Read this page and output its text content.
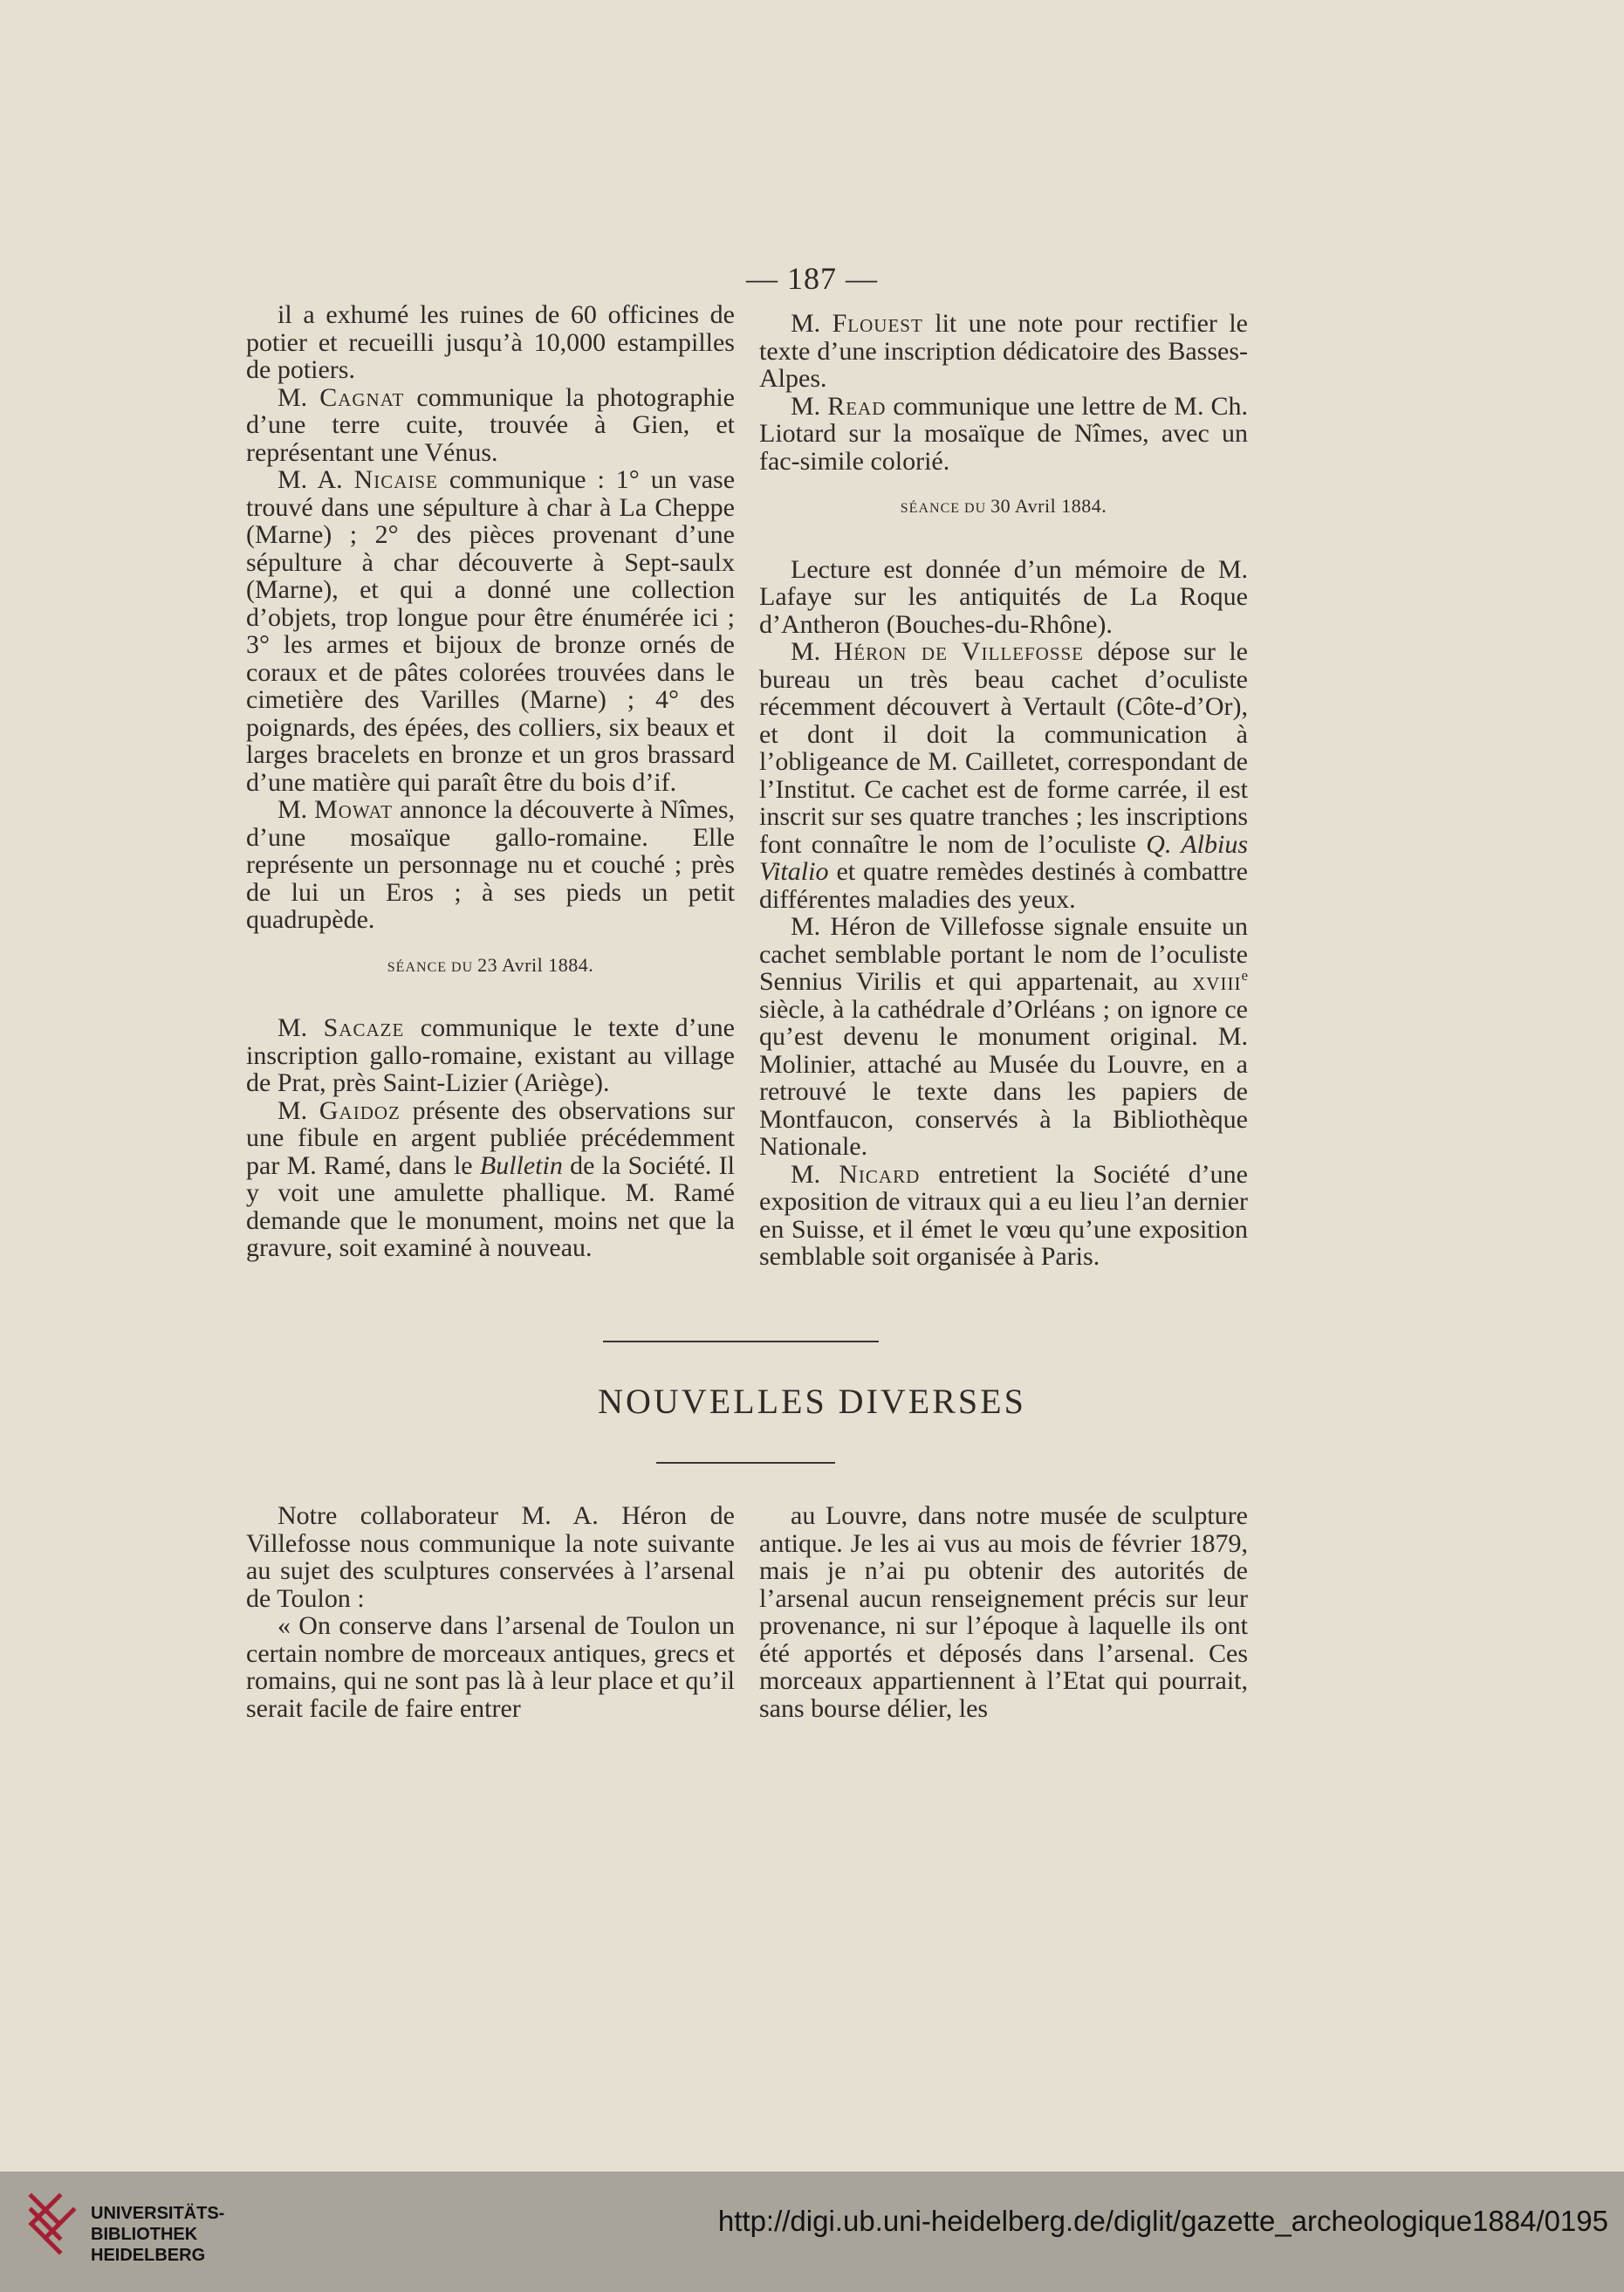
— 187 —

il a exhumé les ruines de 60 officines de potier et recueilli jusqu’à 10,000 estampilles de potiers.

M. Cagnat communique la photographie d’une terre cuite, trouvée à Gien, et représentant une Vénus.

M. A. Nicaise communique : 1° un vase trouvé dans une sépulture à char à La Cheppe (Marne) ; 2° des pièces provenant d’une sépulture à char découverte à Sept-saulx (Marne), et qui a donné une collection d’objets, trop longue pour être énumérée ici ; 3° les armes et bijoux de bronze ornés de coraux et de pâtes colorées trouvées dans le cimetière des Varilles (Marne) ; 4° des poignards, des épées, des colliers, six beaux et larges bracelets en bronze et un gros brassard d’une matière qui paraît être du bois d’if.

M. Mowat annonce la découverte à Nîmes, d’une mosaïque gallo-romaine. Elle représente un personnage nu et couché ; près de lui un Eros ; à ses pieds un petit quadrupède.

SÉANCE DU 23 Avril 1884.

M. Sacaze communique le texte d’une inscription gallo-romaine, existant au village de Prat, près Saint-Lizier (Ariège).

M. Gaidoz présente des observations sur une fibule en argent publiée précédemment par M. Ramé, dans le Bulletin de la Société. Il y voit une amulette phallique. M. Ramé demande que le monument, moins net que la gravure, soit examiné à nouveau.

M. Flouest lit une note pour rectifier le texte d’une inscription dédicatoire des Basses-Alpes.

M. Read communique une lettre de M. Ch. Liotard sur la mosaïque de Nîmes, avec un fac-simile colorié.

SÉANCE DU 30 Avril 1884.

Lecture est donnée d’un mémoire de M. Lafaye sur les antiquités de La Roque d’Antheron (Bouches-du-Rhône).

M. Héron de Villefosse dépose sur le bureau un très beau cachet d’oculiste récemment découvert à Vertault (Côte-d’Or), et dont il doit la communication à l’obligeance de M. Cailletet, correspondant de l’Institut. Ce cachet est de forme carrée, il est inscrit sur ses quatre tranches ; les inscriptions font connaître le nom de l’oculiste Q. Albius Vitalio et quatre remèdes destinés à combattre différentes maladies des yeux.

M. Héron de Villefosse signale ensuite un cachet semblable portant le nom de l’oculiste Sennius Virilis et qui appartenait, au xviii$^e$ siècle, à la cathédrale d’Orléans ; on ignore ce qu’est devenu le monument original. M. Molinier, attaché au Musée du Louvre, en a retrouvé le texte dans les papiers de Montfaucon, conservés à la Bibliothèque Nationale.

M. Nicard entretient la Société d’une exposition de vitraux qui a eu lieu l’an dernier en Suisse, et il émet le vœu qu’une exposition semblable soit organisée à Paris.

NOUVELLES DIVERSES

Notre collaborateur M. A. Héron de Villefosse nous communique la note suivante au sujet des sculptures conservées à l’arsenal de Toulon :

« On conserve dans l’arsenal de Toulon un certain nombre de morceaux antiques, grecs et romains, qui ne sont pas là à leur place et qu’il serait facile de faire entrer

au Louvre, dans notre musée de sculpture antique. Je les ai vus au mois de février 1879, mais je n’ai pu obtenir des autorités de l’arsenal aucun renseignement précis sur leur provenance, ni sur l’époque à laquelle ils ont été apportés et déposés dans l’arsenal. Ces morceaux appartiennent à l’Etat qui pourrait, sans bourse délier, les

UNIVERSITÄTS-
BIBLIOTHEK
HEIDELBERG
http://digi.ub.uni-heidelberg.de/diglit/gazette_archeologique1884/0195
